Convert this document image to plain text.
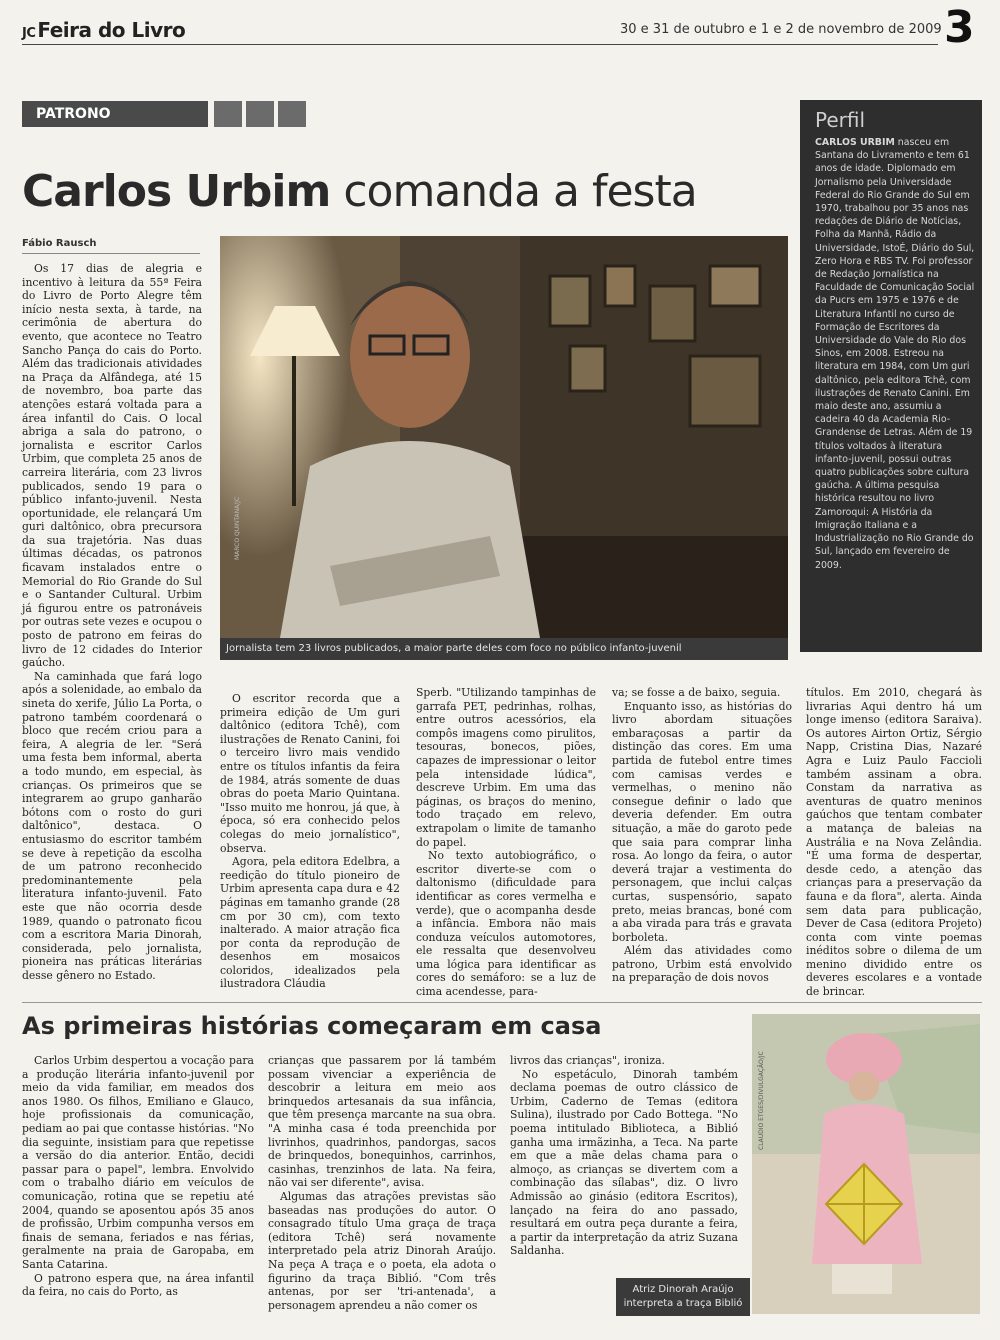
JC Feira do Livro	30 e 31 de outubro e 1 e 2 de novembro de 2009 3
PATRONO
Carlos Urbim comanda a festa
Fábio Rausch
Perfil
CARLOS URBIM nasceu em Santana do Livramento e tem 61 anos de idade. Diplomado em Jornalismo pela Universidade Federal do Rio Grande do Sul em 1970, trabalhou por 35 anos nas redações de Diário de Notícias, Folha da Manhã, Rádio da Universidade, IstoÉ, Diário do Sul, Zero Hora e RBS TV. Foi professor de Redação Jornalística na Faculdade de Comunicação Social da Pucrs em 1975 e 1976 e de Literatura Infantil no curso de Formação de Escritores da Universidade do Vale do Rio dos Sinos, em 2008. Estreou na literatura em 1984, com Um guri daltônico, pela editora Tchê, com ilustrações de Renato Canini. Em maio deste ano, assumiu a cadeira 40 da Academia Rio-Grandense de Letras. Além de 19 títulos voltados à literatura infanto-juvenil, possui outras quatro publicações sobre cultura gaúcha. A última pesquisa histórica resultou no livro Zamoroqui: A História da Imigração Italiana e a Industrialização no Rio Grande do Sul, lançado em fevereiro de 2009.
MARCO QUINTANA/JC
Jornalista tem 23 livros publicados, a maior parte deles com foco no público infanto-juvenil

Os 17 dias de alegria e incentivo à leitura da 55ª Feira do Livro de Porto Alegre têm início nesta sexta, à tarde, na cerimônia de abertura do evento, que acontece no Teatro Sancho Pança do cais do Porto. Além das tradicionais atividades na Praça da Alfândega, até 15 de novembro, boa parte das atenções estará voltada para a área infantil do Cais. O local abriga a sala do patrono, o jornalista e escritor Carlos Urbim, que completa 25 anos de carreira literária, com 23 livros publicados, sendo 19 para o público infanto-juvenil. Nesta oportunidade, ele relançará Um guri daltônico, obra precursora da sua trajetória. Nas duas últimas décadas, os patronos ficavam instalados entre o Memorial do Rio Grande do Sul e o Santander Cultural. Urbim já figurou entre os patronáveis por outras sete vezes e ocupou o posto de patrono em feiras do livro de 12 cidades do Interior gaúcho.

Na caminhada que fará logo após a solenidade, ao embalo da sineta do xerife, Júlio La Porta, o patrono também coordenará o bloco que recém criou para a feira, A alegria de ler. "Será uma festa bem informal, aberta a todo mundo, em especial, às crianças. Os primeiros que se integrarem ao grupo ganharão bótons com o rosto do guri daltônico", destaca. O entusiasmo do escritor também se deve à repetição da escolha de um patrono reconhecido predominantemente pela literatura infanto-juvenil. Fato este que não ocorria desde 1989, quando o patronato ficou com a escritora Maria Dinorah, considerada, pelo jornalista, pioneira nas práticas literárias desse gênero no Estado.

O escritor recorda que a primeira edição de Um guri daltônico (editora Tchê), com ilustrações de Renato Canini, foi o terceiro livro mais vendido entre os títulos infantis da feira de 1984, atrás somente de duas obras do poeta Mario Quintana. "Isso muito me honrou, já que, à época, só era conhecido pelos colegas do meio jornalístico", observa.

Agora, pela editora Edelbra, a reedição do título pioneiro de Urbim apresenta capa dura e 42 páginas em tamanho grande (28 cm por 30 cm), com texto inalterado. A maior atração fica por conta da reprodução de desenhos em mosaicos coloridos, idealizados pela ilustradora Cláudia

Sperb. "Utilizando tampinhas de garrafa PET, pedrinhas, rolhas, entre outros acessórios, ela compôs imagens como pirulitos, tesouras, bonecos, piões, capazes de impressionar o leitor pela intensidade lúdica", descreve Urbim. Em uma das páginas, os braços do menino, todo traçado em relevo, extrapolam o limite de tamanho do papel.

No texto autobiográfico, o escritor diverte-se com o daltonismo (dificuldade para identificar as cores vermelha e verde), que o acompanha desde a infância. Embora não mais conduza veículos automotores, ele ressalta que desenvolveu uma lógica para identificar as cores do semáforo: se a luz de cima acendesse, para-

va; se fosse a de baixo, seguia.

Enquanto isso, as histórias do livro abordam situações embaraçosas a partir da distinção das cores. Em uma partida de futebol entre times com camisas verdes e vermelhas, o menino não consegue definir o lado que deveria defender. Em outra situação, a mãe do garoto pede que saia para comprar linha rosa. Ao longo da feira, o autor deverá trajar a vestimenta do personagem, que inclui calças curtas, suspensório, sapato preto, meias brancas, boné com a aba virada para trás e gravata borboleta.

Além das atividades como patrono, Urbim está envolvido na preparação de dois novos

títulos. Em 2010, chegará às livrarias Aqui dentro há um longe imenso (editora Saraiva). Os autores Airton Ortiz, Sérgio Napp, Cristina Dias, Nazaré Agra e Luiz Paulo Faccioli também assinam a obra. Constam da narrativa as aventuras de quatro meninos gaúchos que tentam combater a matança de baleias na Austrália e na Nova Zelândia. "É uma forma de despertar, desde cedo, a atenção das crianças para a preservação da fauna e da flora", alerta. Ainda sem data para publicação, Dever de Casa (editora Projeto) conta com vinte poemas inéditos sobre o dilema de um menino dividido entre os deveres escolares e a vontade de brincar.

As primeiras histórias começaram em casa

Carlos Urbim despertou a vocação para a produção literária infanto-juvenil por meio da vida familiar, em meados dos anos 1980. Os filhos, Emiliano e Glauco, hoje profissionais da comunicação, pediam ao pai que contasse histórias. "No dia seguinte, insistiam para que repetisse a versão do dia anterior. Então, decidi passar para o papel", lembra. Envolvido com o trabalho diário em veículos de comunicação, rotina que se repetiu até 2004, quando se aposentou após 35 anos de profissão, Urbim compunha versos em finais de semana, feriados e nas férias, geralmente na praia de Garopaba, em Santa Catarina.

O patrono espera que, na área infantil da feira, no cais do Porto, as

crianças que passarem por lá também possam vivenciar a experiência de descobrir a leitura em meio aos brinquedos artesanais da sua infância, que têm presença marcante na sua obra. "A minha casa é toda preenchida por livrinhos, quadrinhos, pandorgas, sacos de brinquedos, bonequinhos, carrinhos, casinhas, trenzinhos de lata. Na feira, não vai ser diferente", avisa.

Algumas das atrações previstas são baseadas nas produções do autor. O consagrado título Uma graça de traça (editora Tchê) será novamente interpretado pela atriz Dinorah Araújo. Na peça A traça e o poeta, ela adota o figurino da traça Biblió. "Com três antenas, por ser 'tri-antenada', a personagem aprendeu a não comer os

livros das crianças", ironiza.

No espetáculo, Dinorah também declama poemas de outro clássico de Urbim, Caderno de Temas (editora Sulina), ilustrado por Cado Bottega. "No poema intitulado Biblioteca, a Biblió ganha uma irmãzinha, a Teca. Na parte em que a mãe delas chama para o almoço, as crianças se divertem com a combinação das sílabas", diz. O livro Admissão ao ginásio (editora Escritos), lançado na feira do ano passado, resultará em outra peça durante a feira, a partir da interpretação da atriz Suzana Saldanha.

CLAUDIO ETGES/DIVULGAÇÃO/JC
Atriz Dinorah Araújo interpreta a traça Biblió
